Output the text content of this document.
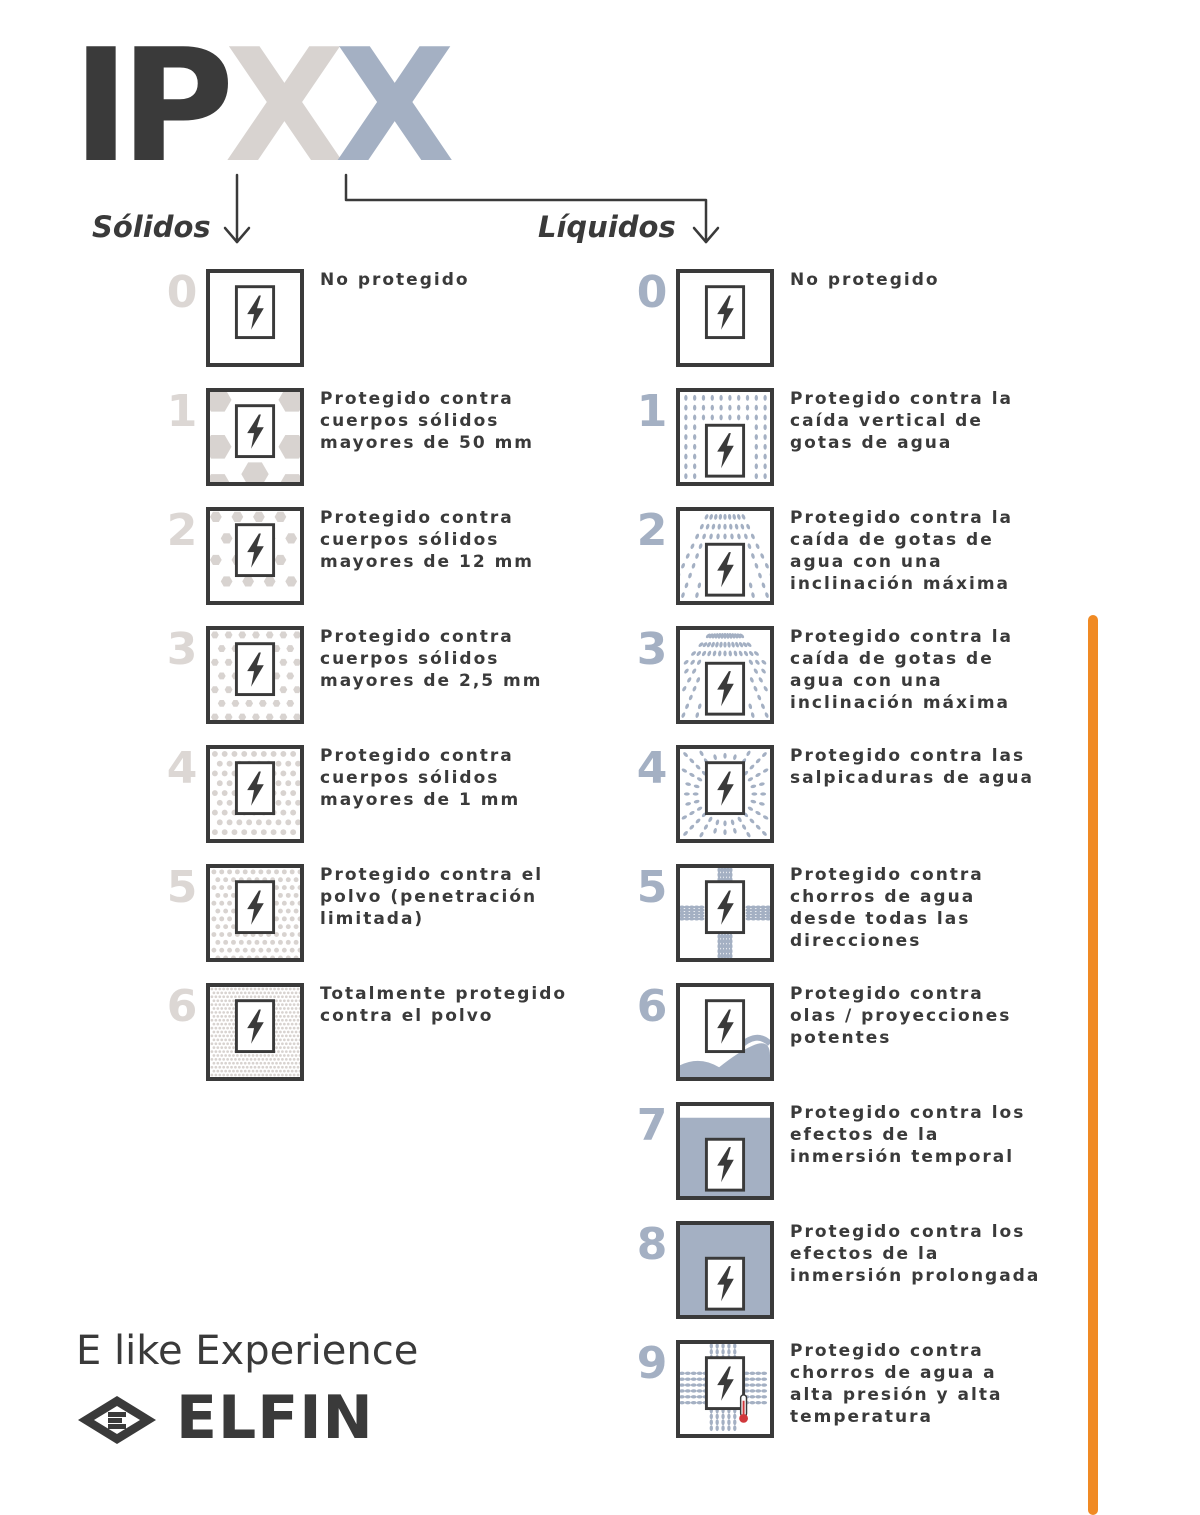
IPXX
Sólidos	Líquidos
0	No protegido
1	Protegido contra
cuerpos sólidos
mayores de 50 mm
2	Protegido contra
cuerpos sólidos
mayores de 12 mm
3	Protegido contra
cuerpos sólidos
mayores de 2,5 mm
4	Protegido contra
cuerpos sólidos
mayores de 1 mm
5	Protegido contra el
polvo (penetración
limitada)
6	Totalmente protegido
contra el polvo
0	No protegido
1	Protegido contra la
caída vertical de
gotas de agua
2	Protegido contra la
caída de gotas de
agua con una
inclinación máxima
3	Protegido contra la
caída de gotas de
agua con una
inclinación máxima
4	Protegido contra las
salpicaduras de agua
5	Protegido contra
chorros de agua
desde todas las
direcciones
6	Protegido contra
olas / proyecciones
potentes
7	Protegido contra los
efectos de la
inmersión temporal
8	Protegido contra los
efectos de la
inmersión prolongada
9	Protegido contra
chorros de agua a
alta presión y alta
temperatura
E like Experience
ELFIN
